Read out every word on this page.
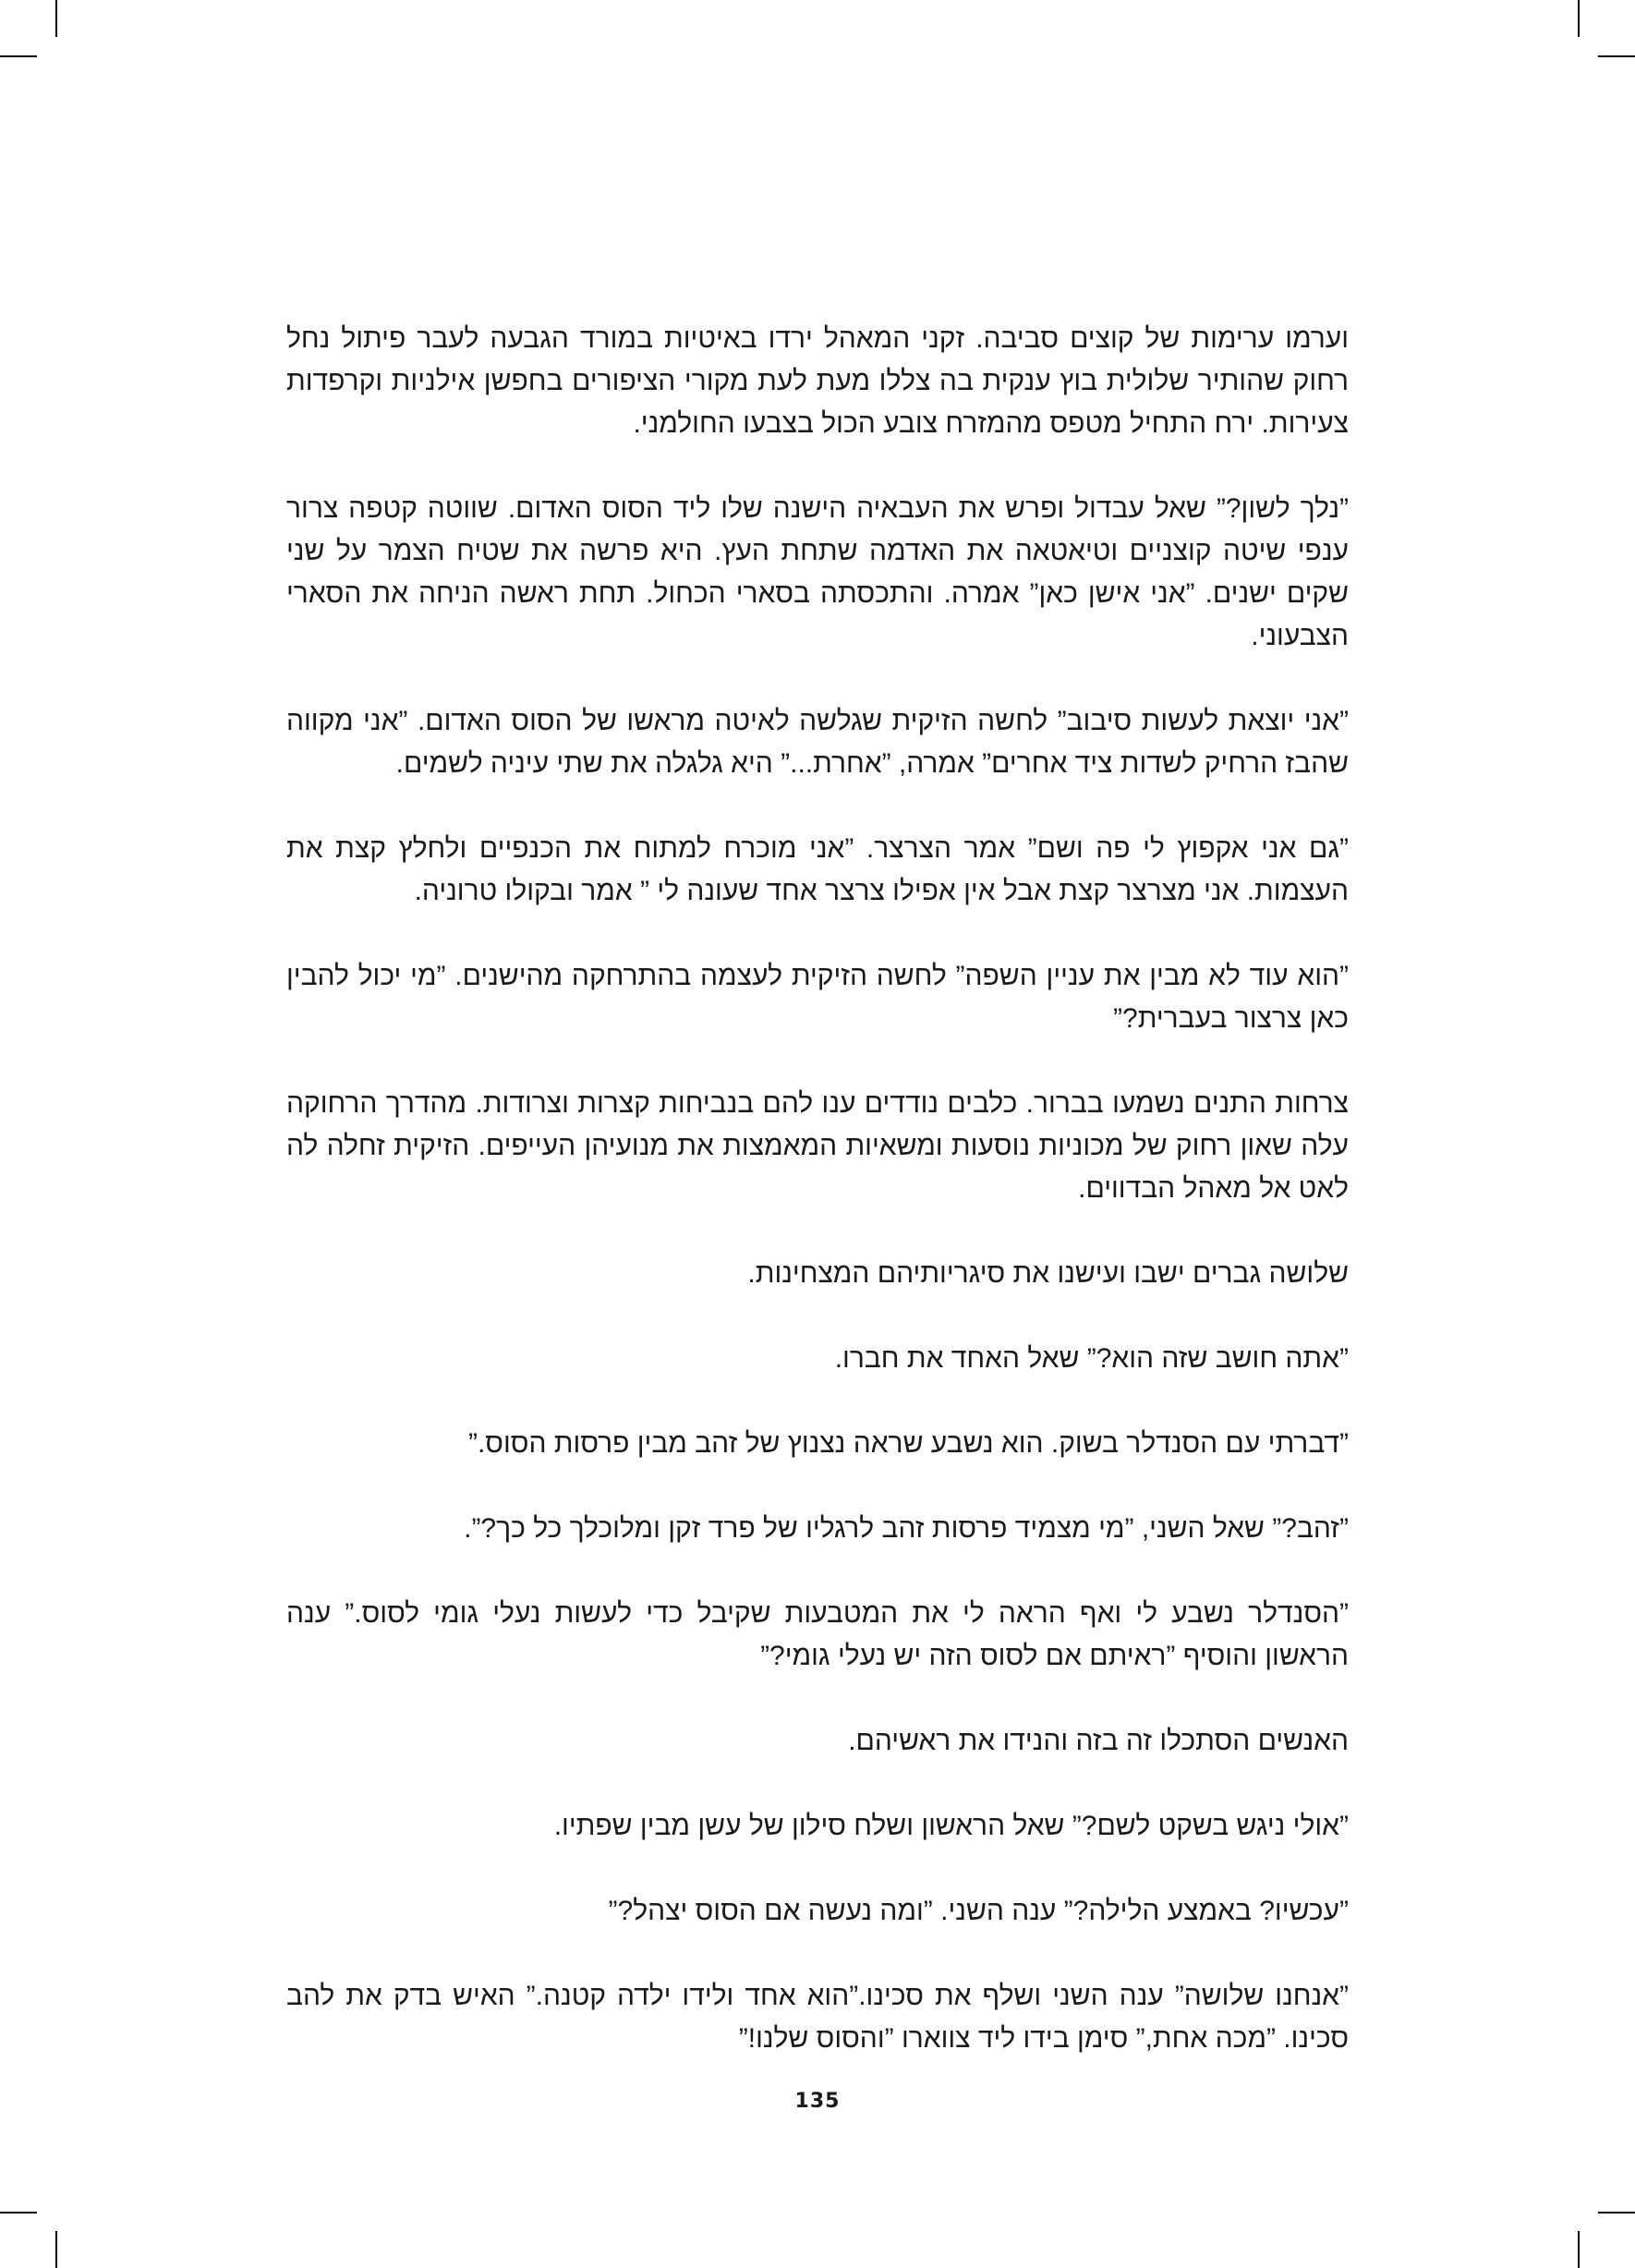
וערמו ערימות של קוצים סביבה. זקני המאהל ירדו באיטיות במורד הגבעה לעבר פיתול נחל רחוק שהותיר שלולית בוץ ענקית בה צללו מעת לעת מקורי הציפורים בחפשן אילניות וקרפדות צעירות. ירח התחיל מטפס מהמזרח צובע הכול בצבעו החולמני.

”נלך לשון?” שאל עבדול ופרש את העבאיה הישנה שלו ליד הסוס האדום. שווטה קטפה צרור ענפי שיטה קוצניים וטיאטאה את האדמה שתחת העץ. היא פרשה את שטיח הצמר על שני שקים ישנים. ”אני אישן כאן” אמרה. והתכסתה בסארי הכחול. תחת ראשה הניחה את הסארי הצבעוני.

”אני יוצאת לעשות סיבוב” לחשה הזיקית שגלשה לאיטה מראשו של הסוס האדום. ”אני מקווה שהבז הרחיק לשדות ציד אחרים” אמרה, ”אחרת...” היא גלגלה את שתי עיניה לשמים.

”גם אני אקפוץ לי פה ושם” אמר הצרצר. ”אני מוכרח למתוח את הכנפיים ולחלץ קצת את העצמות. אני מצרצר קצת אבל אין אפילו צרצר אחד שעונה לי ” אמר ובקולו טרוניה.

”הוא עוד לא מבין את עניין השפה” לחשה הזיקית לעצמה בהתרחקה מהישנים. ”מי יכול להבין כאן צרצור בעברית?”

צרחות התנים נשמעו בברור. כלבים נודדים ענו להם בנביחות קצרות וצרודות. מהדרך הרחוקה עלה שאון רחוק של מכוניות נוסעות ומשאיות המאמצות את מנועיהן העייפים. הזיקית זחלה לה לאט אל מאהל הבדווים.

שלושה גברים ישבו ועישנו את סיגריותיהם המצחינות.

”אתה חושב שזה הוא?” שאל האחד את חברו.

”דברתי עם הסנדלר בשוק. הוא נשבע שראה נצנוץ של זהב מבין פרסות הסוס.”

”זהב?” שאל השני, ”מי מצמיד פרסות זהב לרגליו של פרד זקן ומלוכלך כל כך?”.

”הסנדלר נשבע לי ואף הראה לי את המטבעות שקיבל כדי לעשות נעלי גומי לסוס.” ענה הראשון והוסיף ”ראיתם אם לסוס הזה יש נעלי גומי?”

האנשים הסתכלו זה בזה והנידו את ראשיהם.

”אולי ניגש בשקט לשם?” שאל הראשון ושלח סילון של עשן מבין שפתיו.

”עכשיו? באמצע הלילה?” ענה השני. ”ומה נעשה אם הסוס יצהל?”

”אנחנו שלושה” ענה השני ושלף את סכינו.”הוא אחד ולידו ילדה קטנה.” האיש בדק את להב סכינו. ”מכה אחת,” סימן בידו ליד צווארו ”והסוס שלנו!”

135
